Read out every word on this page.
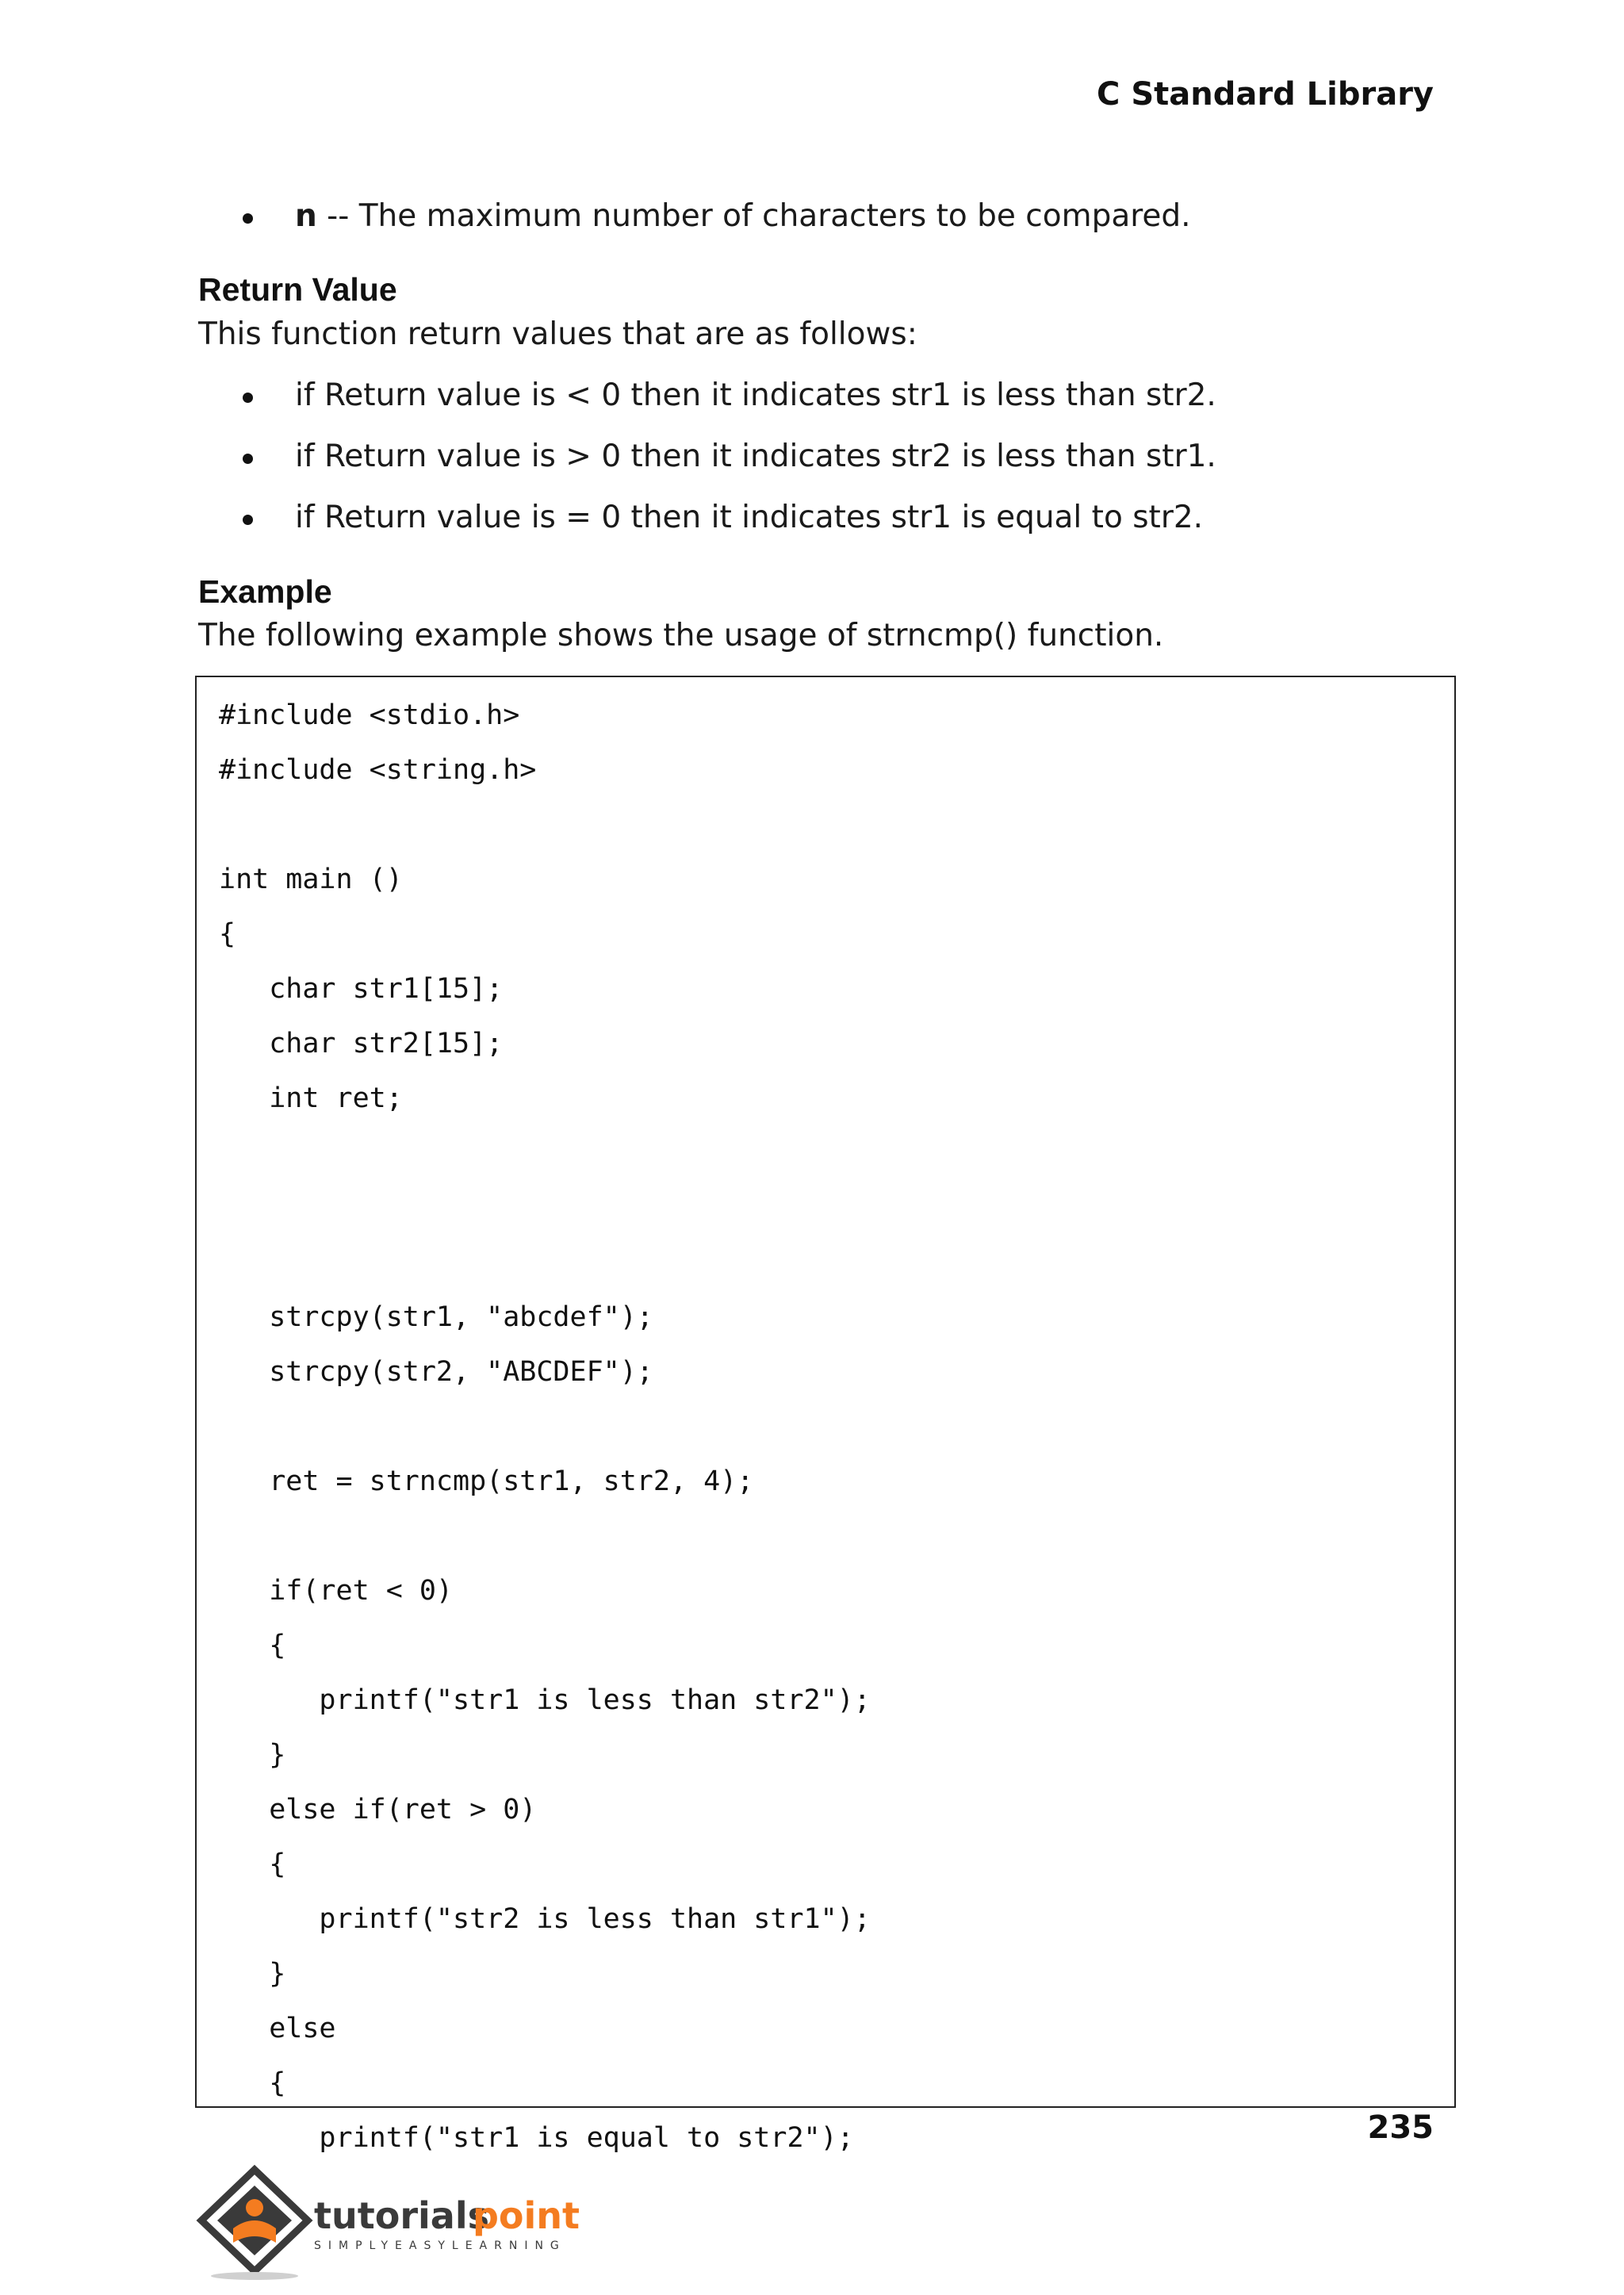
C Standard Library
n -- The maximum number of characters to be compared.
Return Value

This function return values that are as follows:

if Return value is < 0 then it indicates str1 is less than str2.
if Return value is > 0 then it indicates str2 is less than str1.
if Return value is = 0 then it indicates str1 is equal to str2.
Example

The following example shows the usage of strncmp() function.

#include <stdio.h>
#include <string.h>
int main ()
{
char str1[15];
char str2[15];
int ret;
strcpy(str1, "abcdef");
strcpy(str2, "ABCDEF");
ret = strncmp(str1, str2, 4);
if(ret < 0)
{
printf("str1 is less than str2");
}
else if(ret > 0)
{
printf("str2 is less than str1");
}
else
{
printf("str1 is equal to str2");	235
tutorials
point
SIMPLYEASYLEARNING
